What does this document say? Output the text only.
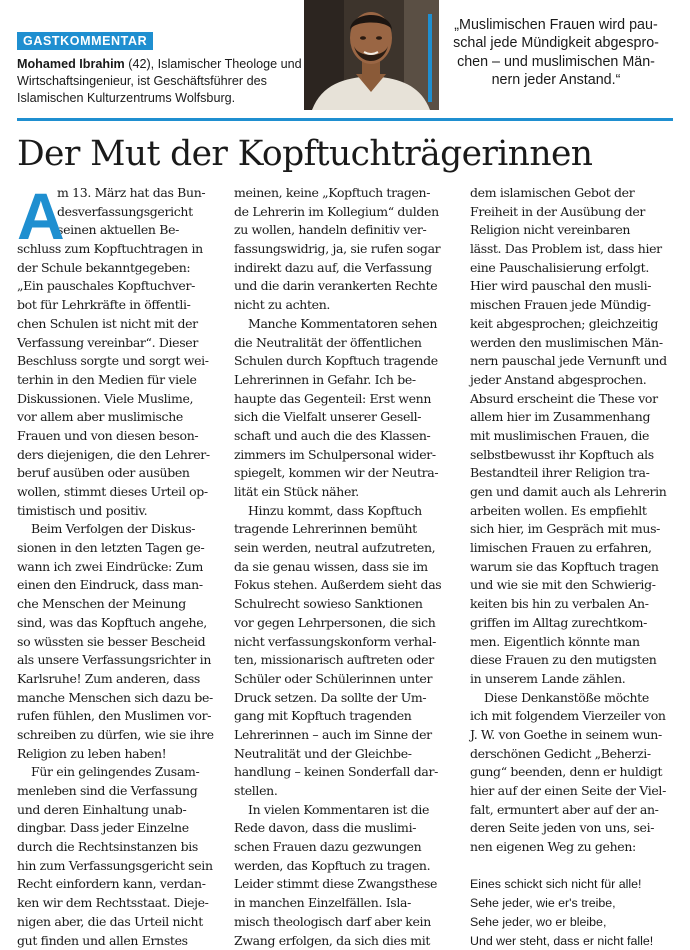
GASTKOMMENTAR
Mohamed Ibrahim (42), Islamischer Theologe und Wirtschaftsingenieur, ist Geschäftsführer des Islamischen Kulturzentrums Wolfsburg.
„Muslimischen Frauen wird pau-
schal jede Mündigkeit abgespro-
chen – und muslimischen Män-
nern jeder Anstand.“
Der Mut der Kopftuchträgerinnen
A
m 13. März hat das Bun-
desverfassungsgericht
seinen aktuellen Be-
schluss zum Kopftuchtragen in
der Schule bekanntgegeben:
„Ein pauschales Kopftuchver-
bot für Lehrkräfte in öffentli-
chen Schulen ist nicht mit der
Verfassung vereinbar“. Dieser
Beschluss sorgte und sorgt wei-
terhin in den Medien für viele
Diskussionen. Viele Muslime,
vor allem aber muslimische
Frauen und von diesen beson-
ders diejenigen, die den Lehrer-
beruf ausüben oder ausüben
wollen, stimmt dieses Urteil op-
timistisch und positiv.
Beim Verfolgen der Diskus-
sionen in den letzten Tagen ge-
wann ich zwei Eindrücke: Zum
einen den Eindruck, dass man-
che Menschen der Meinung
sind, was das Kopftuch angehe,
so wüssten sie besser Bescheid
als unsere Verfassungsrichter in
Karlsruhe! Zum anderen, dass
manche Menschen sich dazu be-
rufen fühlen, den Muslimen vor-
schreiben zu dürfen, wie sie ihre
Religion zu leben haben!
Für ein gelingendes Zusam-
menleben sind die Verfassung
und deren Einhaltung unab-
dingbar. Dass jeder Einzelne
durch die Rechtsinstanzen bis
hin zum Verfassungsgericht sein
Recht einfordern kann, verdan-
ken wir dem Rechtsstaat. Dieje-
nigen aber, die das Urteil nicht
gut finden und allen Ernstes
meinen, keine „Kopftuch tragen-
de Lehrerin im Kollegium“ dulden
zu wollen, handeln definitiv ver-
fassungswidrig, ja, sie rufen sogar
indirekt dazu auf, die Verfassung
und die darin verankerten Rechte
nicht zu achten.
Manche Kommentatoren sehen
die Neutralität der öffentlichen
Schulen durch Kopftuch tragende
Lehrerinnen in Gefahr. Ich be-
haupte das Gegenteil: Erst wenn
sich die Vielfalt unserer Gesell-
schaft und auch die des Klassen-
zimmers im Schulpersonal wider-
spiegelt, kommen wir der Neutra-
lität ein Stück näher.
Hinzu kommt, dass Kopftuch
tragende Lehrerinnen bemüht
sein werden, neutral aufzutreten,
da sie genau wissen, dass sie im
Fokus stehen. Außerdem sieht das
Schulrecht sowieso Sanktionen
vor gegen Lehrpersonen, die sich
nicht verfassungskonform verhal-
ten, missionarisch auftreten oder
Schüler oder Schülerinnen unter
Druck setzen. Da sollte der Um-
gang mit Kopftuch tragenden
Lehrerinnen – auch im Sinne der
Neutralität und der Gleichbe-
handlung – keinen Sonderfall dar-
stellen.
In vielen Kommentaren ist die
Rede davon, dass die muslimi-
schen Frauen dazu gezwungen
werden, das Kopftuch zu tragen.
Leider stimmt diese Zwangsthese
in manchen Einzelfällen. Isla-
misch theologisch darf aber kein
Zwang erfolgen, da sich dies mit
dem islamischen Gebot der
Freiheit in der Ausübung der
Religion nicht vereinbaren
lässt. Das Problem ist, dass hier
eine Pauschalisierung erfolgt.
Hier wird pauschal den musli-
mischen Frauen jede Mündig-
keit abgesprochen; gleichzeitig
werden den muslimischen Män-
nern pauschal jede Vernunft und
jeder Anstand abgesprochen.
Absurd erscheint die These vor
allem hier im Zusammenhang
mit muslimischen Frauen, die
selbstbewusst ihr Kopftuch als
Bestandteil ihrer Religion tra-
gen und damit auch als Lehrerin
arbeiten wollen. Es empfiehlt
sich hier, im Gespräch mit mus-
limischen Frauen zu erfahren,
warum sie das Kopftuch tragen
und wie sie mit den Schwierig-
keiten bis hin zu verbalen An-
griffen im Alltag zurechtkom-
men. Eigentlich könnte man
diese Frauen zu den mutigsten
in unserem Lande zählen.
Diese Denkanstöße möchte
ich mit folgendem Vierzeiler von
J. W. von Goethe in seinem wun-
derschönen Gedicht „Beherzi-
gung“ beenden, denn er huldigt
hier auf der einen Seite der Viel-
falt, ermuntert aber auf der an-
deren Seite jeden von uns, sei-
nen eigenen Weg zu gehen:
Eines schickt sich nicht für alle!
Sehe jeder, wie er's treibe,
Sehe jeder, wo er bleibe,
Und wer steht, dass er nicht falle!
